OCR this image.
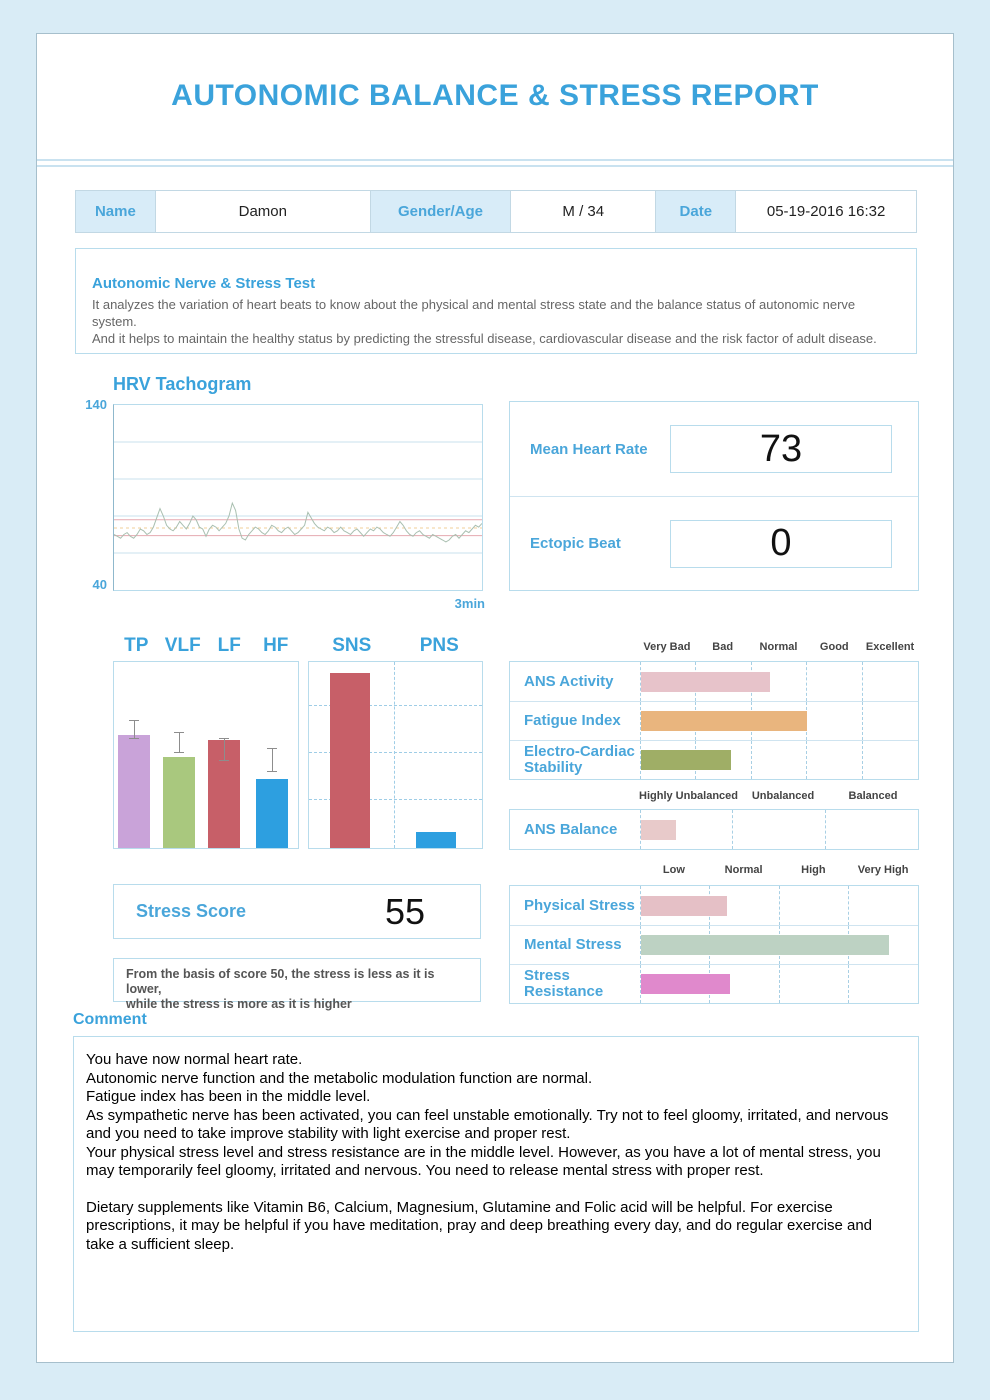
AUTONOMIC BALANCE & STRESS REPORT
Name	Damon	Gender/Age	M / 34	Date	05-19-2016 16:32
Autonomic Nerve & Stress Test
It analyzes the variation of heart beats to know about the physical and mental stress state and the balance status of autonomic nerve system.
And it helps to maintain the healthy status by predicting the stressful disease, cardiovascular disease and the risk factor of adult disease.
HRV Tachogram
140
40
3min
Mean Heart Rate	73
Ectopic Beat	0
TP VLF LF	HF	SNS	PNS	Very Bad	Bad	Normal	Good	Excellent
ANS Activity
Fatigue Index
Electro-Cardiac Stability
Highly Unbalanced	Unbalanced	Balanced
ANS Balance
Stress Score	55
From the basis of score 50, the stress is less as it is lower,
while the stress is more as it is higher
Low	Normal	High	Very High
Physical Stress
Mental Stress
Stress Resistance
Comment

You have now normal heart rate.

Autonomic nerve function and the metabolic modulation function are normal.

Fatigue index has been in the middle level.

As sympathetic nerve has been activated, you can feel unstable emotionally. Try not to feel gloomy, irritated, and nervous and you need to take improve stability with light exercise and proper rest.

Your physical stress level and stress resistance are in the middle level. However, as you have a lot of mental stress, you may temporarily feel gloomy, irritated and nervous. You need to release mental stress with proper rest.

Dietary supplements like Vitamin B6, Calcium, Magnesium, Glutamine and Folic acid will be helpful. For exercise prescriptions, it may be helpful if you have meditation, pray and deep breathing every day, and do regular exercise and take a sufficient sleep.
